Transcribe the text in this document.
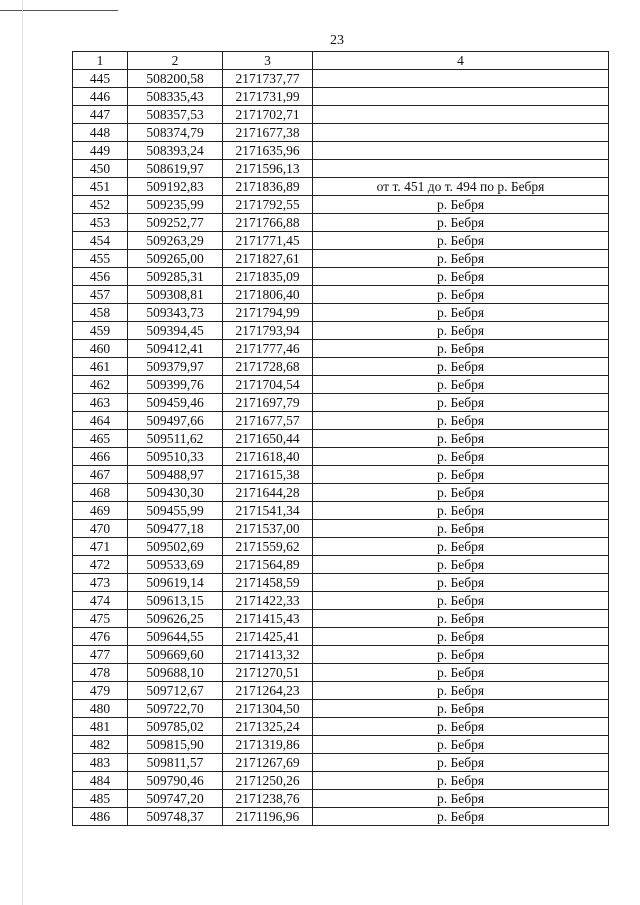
23
1	2	3	4
445	508200,58	2171737,77	
446	508335,43	2171731,99	
447	508357,53	2171702,71	
448	508374,79	2171677,38	
449	508393,24	2171635,96	
450	508619,97	2171596,13	
451	509192,83	2171836,89	от т. 451 до т. 494 по р. Бебря
452	509235,99	2171792,55	р. Бебря
453	509252,77	2171766,88	р. Бебря
454	509263,29	2171771,45	р. Бебря
455	509265,00	2171827,61	р. Бебря
456	509285,31	2171835,09	р. Бебря
457	509308,81	2171806,40	р. Бебря
458	509343,73	2171794,99	р. Бебря
459	509394,45	2171793,94	р. Бебря
460	509412,41	2171777,46	р. Бебря
461	509379,97	2171728,68	р. Бебря
462	509399,76	2171704,54	р. Бебря
463	509459,46	2171697,79	р. Бебря
464	509497,66	2171677,57	р. Бебря
465	509511,62	2171650,44	р. Бебря
466	509510,33	2171618,40	р. Бебря
467	509488,97	2171615,38	р. Бебря
468	509430,30	2171644,28	р. Бебря
469	509455,99	2171541,34	р. Бебря
470	509477,18	2171537,00	р. Бебря
471	509502,69	2171559,62	р. Бебря
472	509533,69	2171564,89	р. Бебря
473	509619,14	2171458,59	р. Бебря
474	509613,15	2171422,33	р. Бебря
475	509626,25	2171415,43	р. Бебря
476	509644,55	2171425,41	р. Бебря
477	509669,60	2171413,32	р. Бебря
478	509688,10	2171270,51	р. Бебря
479	509712,67	2171264,23	р. Бебря
480	509722,70	2171304,50	р. Бебря
481	509785,02	2171325,24	р. Бебря
482	509815,90	2171319,86	р. Бебря
483	509811,57	2171267,69	р. Бебря
484	509790,46	2171250,26	р. Бебря
485	509747,20	2171238,76	р. Бебря
486	509748,37	2171196,96	р. Бебря
